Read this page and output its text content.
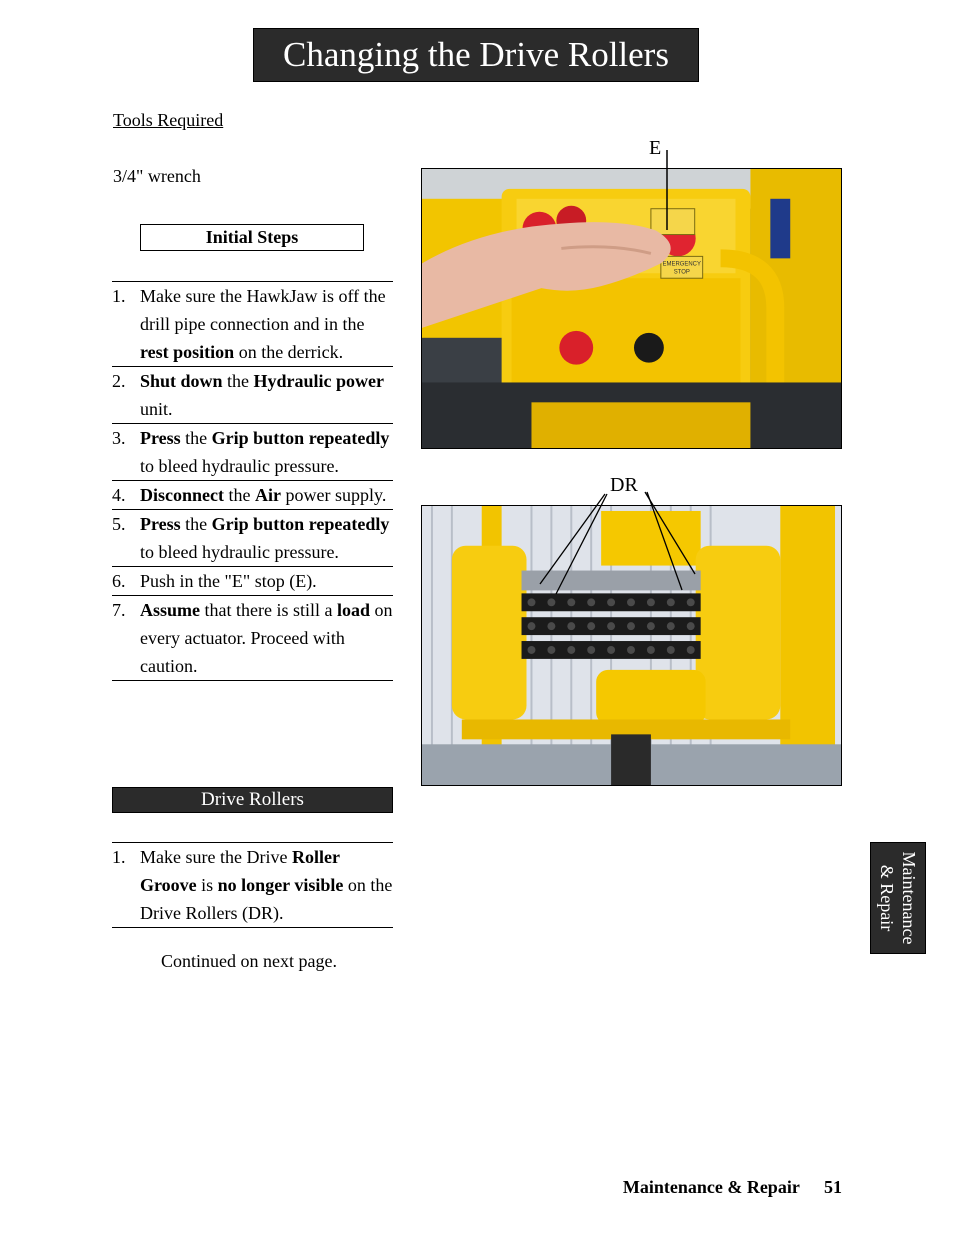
Changing the Drive Rollers
Tools Required
3/4" wrench
Initial Steps
1. Make sure the HawkJaw is off the drill pipe connection and in the rest position on the derrick.
2. Shut down the Hydraulic power unit.
3. Press the Grip button repeatedly to bleed hydraulic pressure.
4. Disconnect the Air power supply.
5. Press the Grip button repeatedly to bleed hydraulic pressure.
6. Push in the "E" stop (E).
7. Assume that there is still a load on every actuator. Proceed with caution.
Drive Rollers
1. Make sure the Drive Roller Groove is no longer visible on the Drive Rollers (DR).
Continued on next page.
EMERGENCY
STOP
E
DR
Maintenance
& Repair
Maintenance & Repair 51
